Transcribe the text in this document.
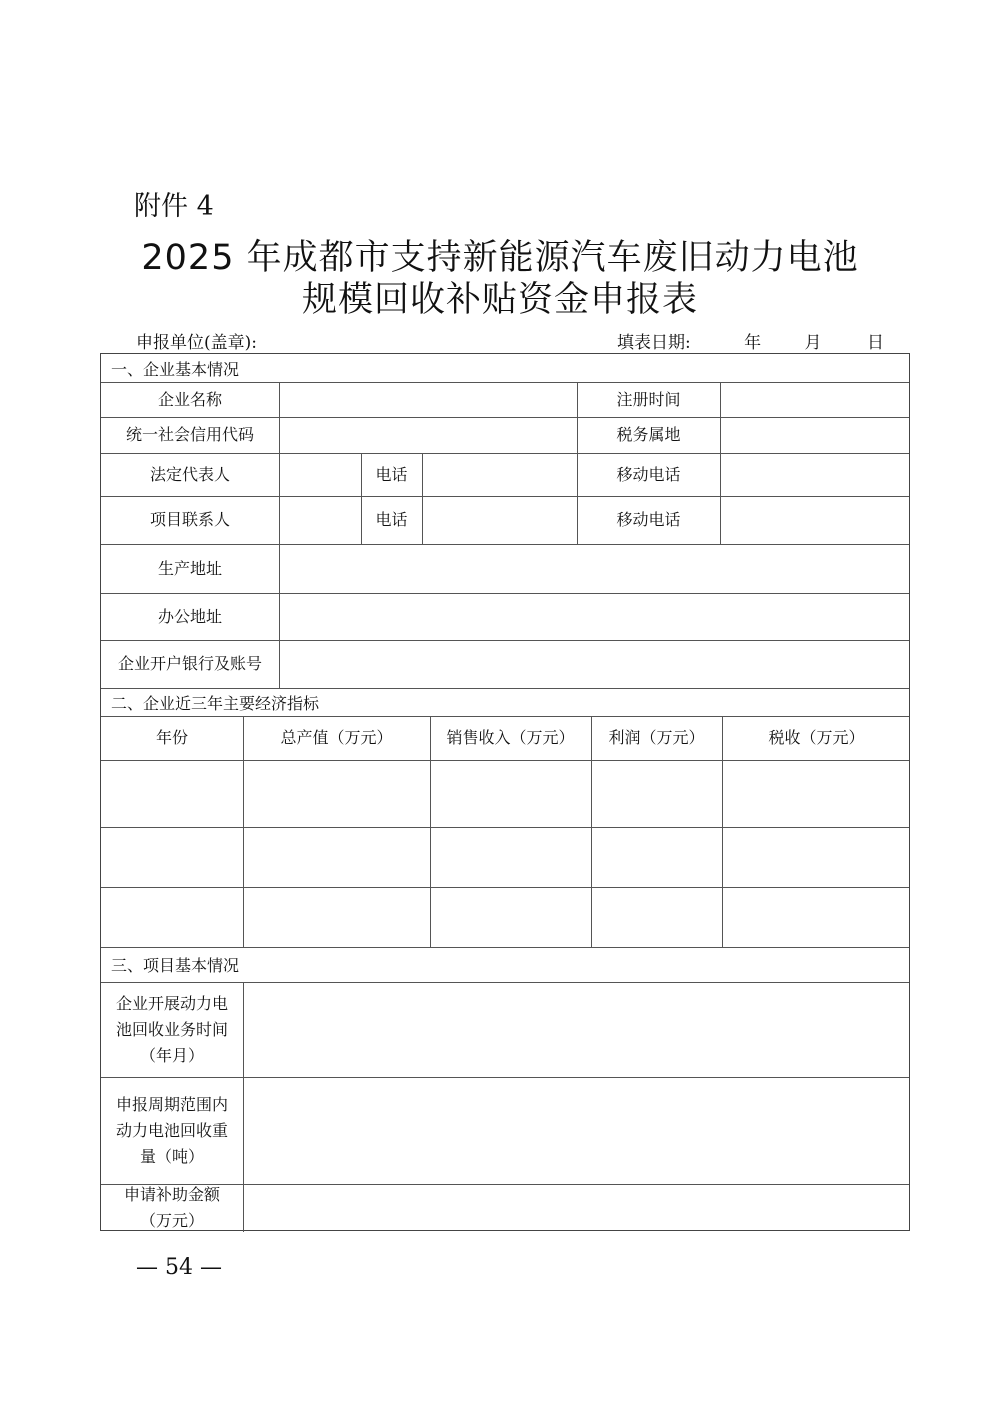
附件 4
2025 年成都市支持新能源汽车废旧动力电池
规模回收补贴资金申报表
申报单位(盖章):	填表日期:	年	月	日
一、企业基本情况
企业名称	注册时间
统一社会信用代码	税务属地
法定代表人	电话	移动电话
项目联系人	电话	移动电话
生产地址
办公地址
企业开户银行及账号
二、企业近三年主要经济指标
年份	总产值（万元）	销售收入（万元）	利润（万元）	税收（万元）
三、项目基本情况
企业开展动力电池回收业务时间（年月）
申报周期范围内动力电池回收重量（吨）
申请补助金额（万元）
— 54 —
